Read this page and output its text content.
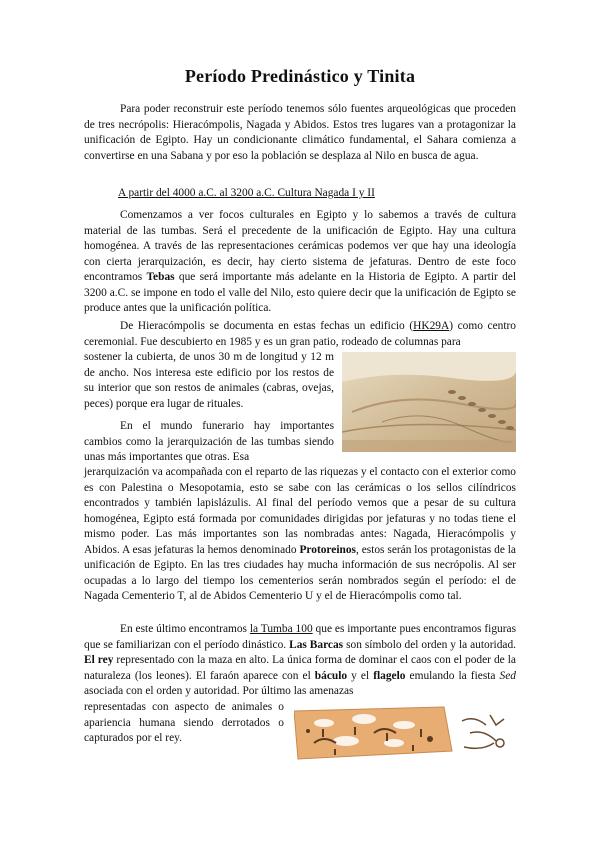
Período Predinástico y Tinita

Para poder reconstruir este período tenemos sólo fuentes arqueológicas que proceden de tres necrópolis: Hieracómpolis, Nagada y Abidos. Estos tres lugares van a protagonizar la unificación de Egipto. Hay un condicionante climático fundamental, el Sahara comienza a convertirse en una Sabana y por eso la población se desplaza al Nilo en busca de agua.

A partir del 4000 a.C. al 3200 a.C. Cultura Nagada I y II

Comenzamos a ver focos culturales en Egipto y lo sabemos a través de cultura material de las tumbas. Será el precedente de la unificación de Egipto. Hay una cultura homogénea. A través de las representaciones cerámicas podemos ver que hay una ideología con cierta jerarquización, es decir, hay cierto sistema de jefaturas. Dentro de este foco encontramos Tebas que será importante más adelante en la Historia de Egipto. A partir del 3200 a.C. se impone en todo el valle del Nilo, esto quiere decir que la unificación de Egipto se produce antes que la unificación política.

De Hieracómpolis se documenta en estas fechas un edificio (HK29A) como centro ceremonial. Fue descubierto en 1985 y es un gran patio, rodeado de columnas para

sostener la cubierta, de unos 30 m de longitud y 12 m de ancho. Nos interesa este edificio por los restos de su interior que son restos de animales (cabras, ovejas, peces) porque era lugar de rituales.

En el mundo funerario hay importantes cambios como la jerarquización de las tumbas siendo unas más importantes que otras. Esa

jerarquización va acompañada con el reparto de las riquezas y el contacto con el exterior como es con Palestina o Mesopotamia, esto se sabe con las cerámicas o los sellos cilíndricos encontrados y también lapislázulis. Al final del período vemos que a pesar de su cultura homogénea, Egipto está formada por comunidades dirigidas por jefaturas y no todas tiene el mismo poder. Las más importantes son las nombradas antes: Nagada, Hieracómpolis y Abidos. A esas jefaturas la hemos denominado Protoreinos, estos serán los protagonistas de la unificación de Egipto. En las tres ciudades hay mucha información de sus necrópolis. Al ser ocupadas a lo largo del tiempo los cementerios serán nombrados según el período: el de Nagada Cementerio T, al de Abidos Cementerio U y el de Hieracómpolis como tal.

En este último encontramos la Tumba 100 que es importante pues encontramos figuras que se familiarizan con el período dinástico. Las Barcas son símbolo del orden y la autoridad. El rey representado con la maza en alto. La única forma de dominar el caos con el poder de la naturaleza (los leones). El faraón aparece con el báculo y el flagelo emulando la fiesta Sed asociada con el orden y autoridad. Por último las amenazas

representadas con aspecto de animales o apariencia humana siendo derrotados o capturados por el rey.
